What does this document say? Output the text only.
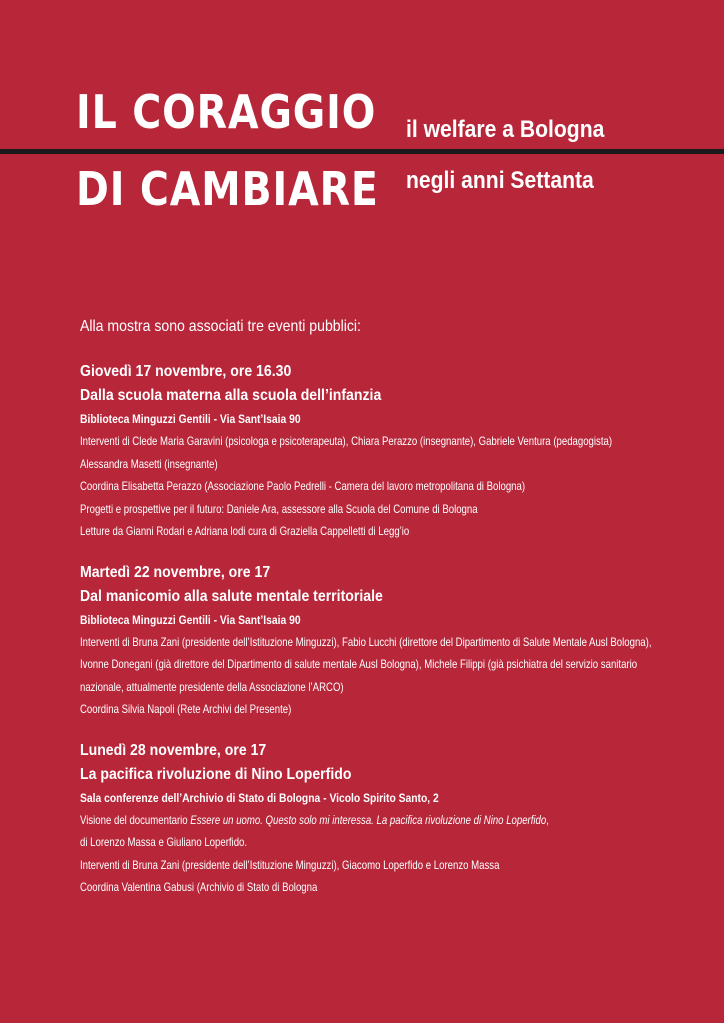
IL CORAGGIO
DI CAMBIARE
il welfare a Bologna
negli anni Settanta
Alla mostra sono associati tre eventi pubblici:
Giovedì 17 novembre, ore 16.30
Dalla scuola materna alla scuola dell’infanzia
Biblioteca Minguzzi Gentili - Via Sant’Isaia 90
Interventi di Clede Maria Garavini (psicologa e psicoterapeuta), Chiara Perazzo (insegnante), Gabriele Ventura (pedagogista)
Alessandra Masetti (insegnante)
Coordina Elisabetta Perazzo (Associazione Paolo Pedrelli - Camera del lavoro metropolitana di Bologna)
Progetti e prospettive per il futuro: Daniele Ara, assessore alla Scuola del Comune di Bologna
Letture da Gianni Rodari e Adriana lodi cura di Graziella Cappelletti di Legg’io
Martedì 22 novembre, ore 17
Dal manicomio alla salute mentale territoriale
Biblioteca Minguzzi Gentili - Via Sant’Isaia 90
Interventi di Bruna Zani (presidente dell’Istituzione Minguzzi), Fabio Lucchi (direttore del Dipartimento di Salute Mentale Ausl Bologna),
Ivonne Donegani (già direttore del Dipartimento di salute mentale Ausl Bologna), Michele Filippi (già psichiatra del servizio sanitario
nazionale, attualmente presidente della Associazione l’ARCO)
Coordina Silvia Napoli (Rete Archivi del Presente)
Lunedì 28 novembre, ore 17
La pacifica rivoluzione di Nino Loperfido
Sala conferenze dell’Archivio di Stato di Bologna - Vicolo Spirito Santo, 2
Visione del documentario Essere un uomo. Questo solo mi interessa. La pacifica rivoluzione di Nino Loperfido,
di Lorenzo Massa e Giuliano Loperfido.
Interventi di Bruna Zani (presidente dell’Istituzione Minguzzi), Giacomo Loperfido e Lorenzo Massa
Coordina Valentina Gabusi (Archivio di Stato di Bologna
